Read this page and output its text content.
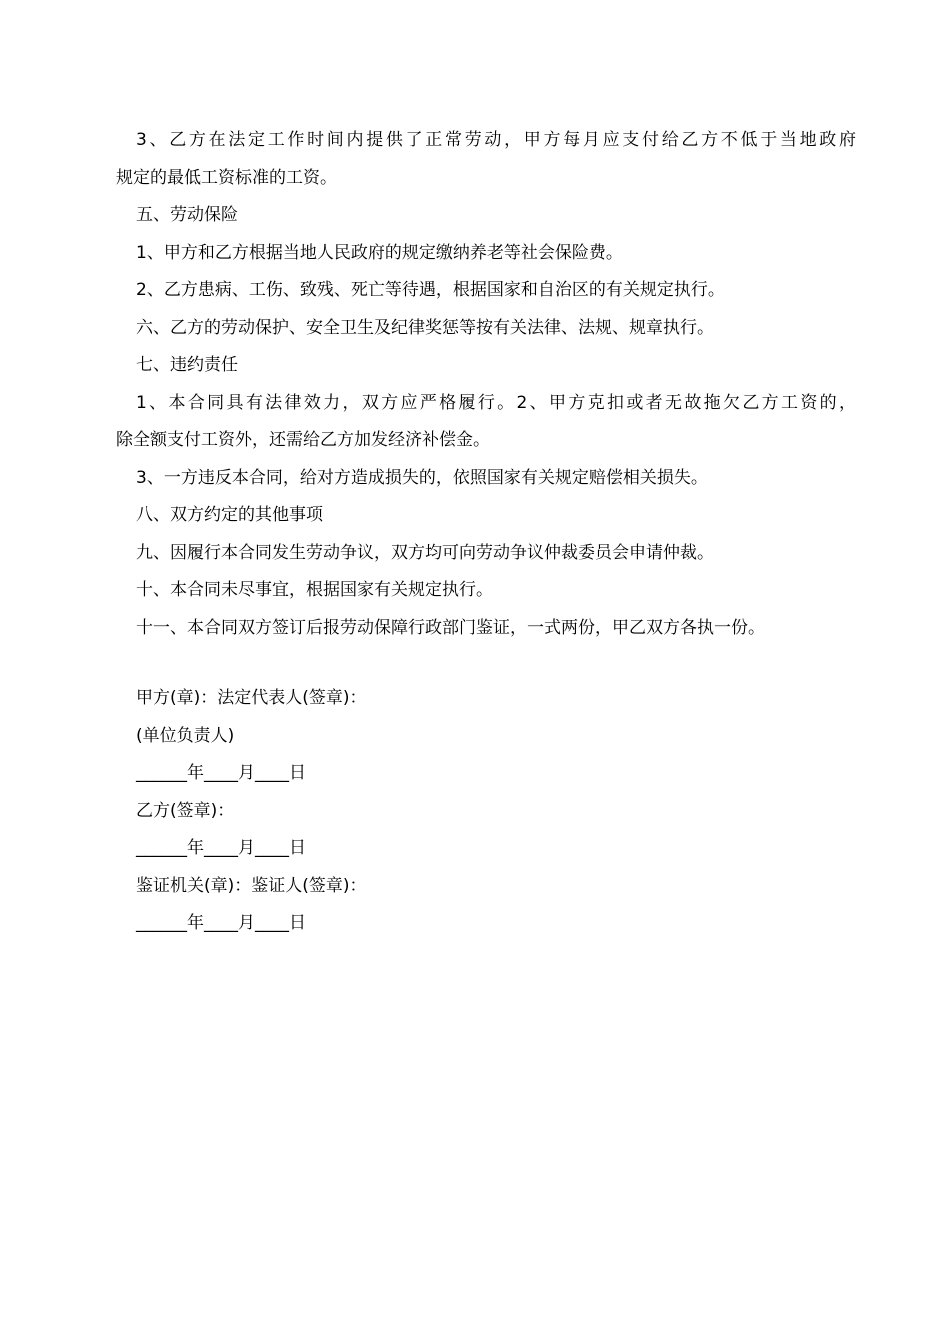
3、乙方在法定工作时间内提供了正常劳动，甲方每月应支付给乙方不低于当地政府
规定的最低工资标准的工资。
五、劳动保险
1、甲方和乙方根据当地人民政府的规定缴纳养老等社会保险费。
2、乙方患病、工伤、致残、死亡等待遇，根据国家和自治区的有关规定执行。
六、乙方的劳动保护、安全卫生及纪律奖惩等按有关法律、法规、规章执行。
七、违约责任
1、本合同具有法律效力，双方应严格履行。2、甲方克扣或者无故拖欠乙方工资的，
除全额支付工资外，还需给乙方加发经济补偿金。
3、一方违反本合同，给对方造成损失的，依照国家有关规定赔偿相关损失。
八、双方约定的其他事项
九、因履行本合同发生劳动争议，双方均可向劳动争议仲裁委员会申请仲裁。
十、本合同未尽事宜，根据国家有关规定执行。
十一、本合同双方签订后报劳动保障行政部门鉴证，一式两份，甲乙双方各执一份。
甲方(章)：法定代表人(签章)：
(单位负责人)
______年____月____日
乙方(签章)：
______年____月____日
鉴证机关(章)：鉴证人(签章)：
______年____月____日
